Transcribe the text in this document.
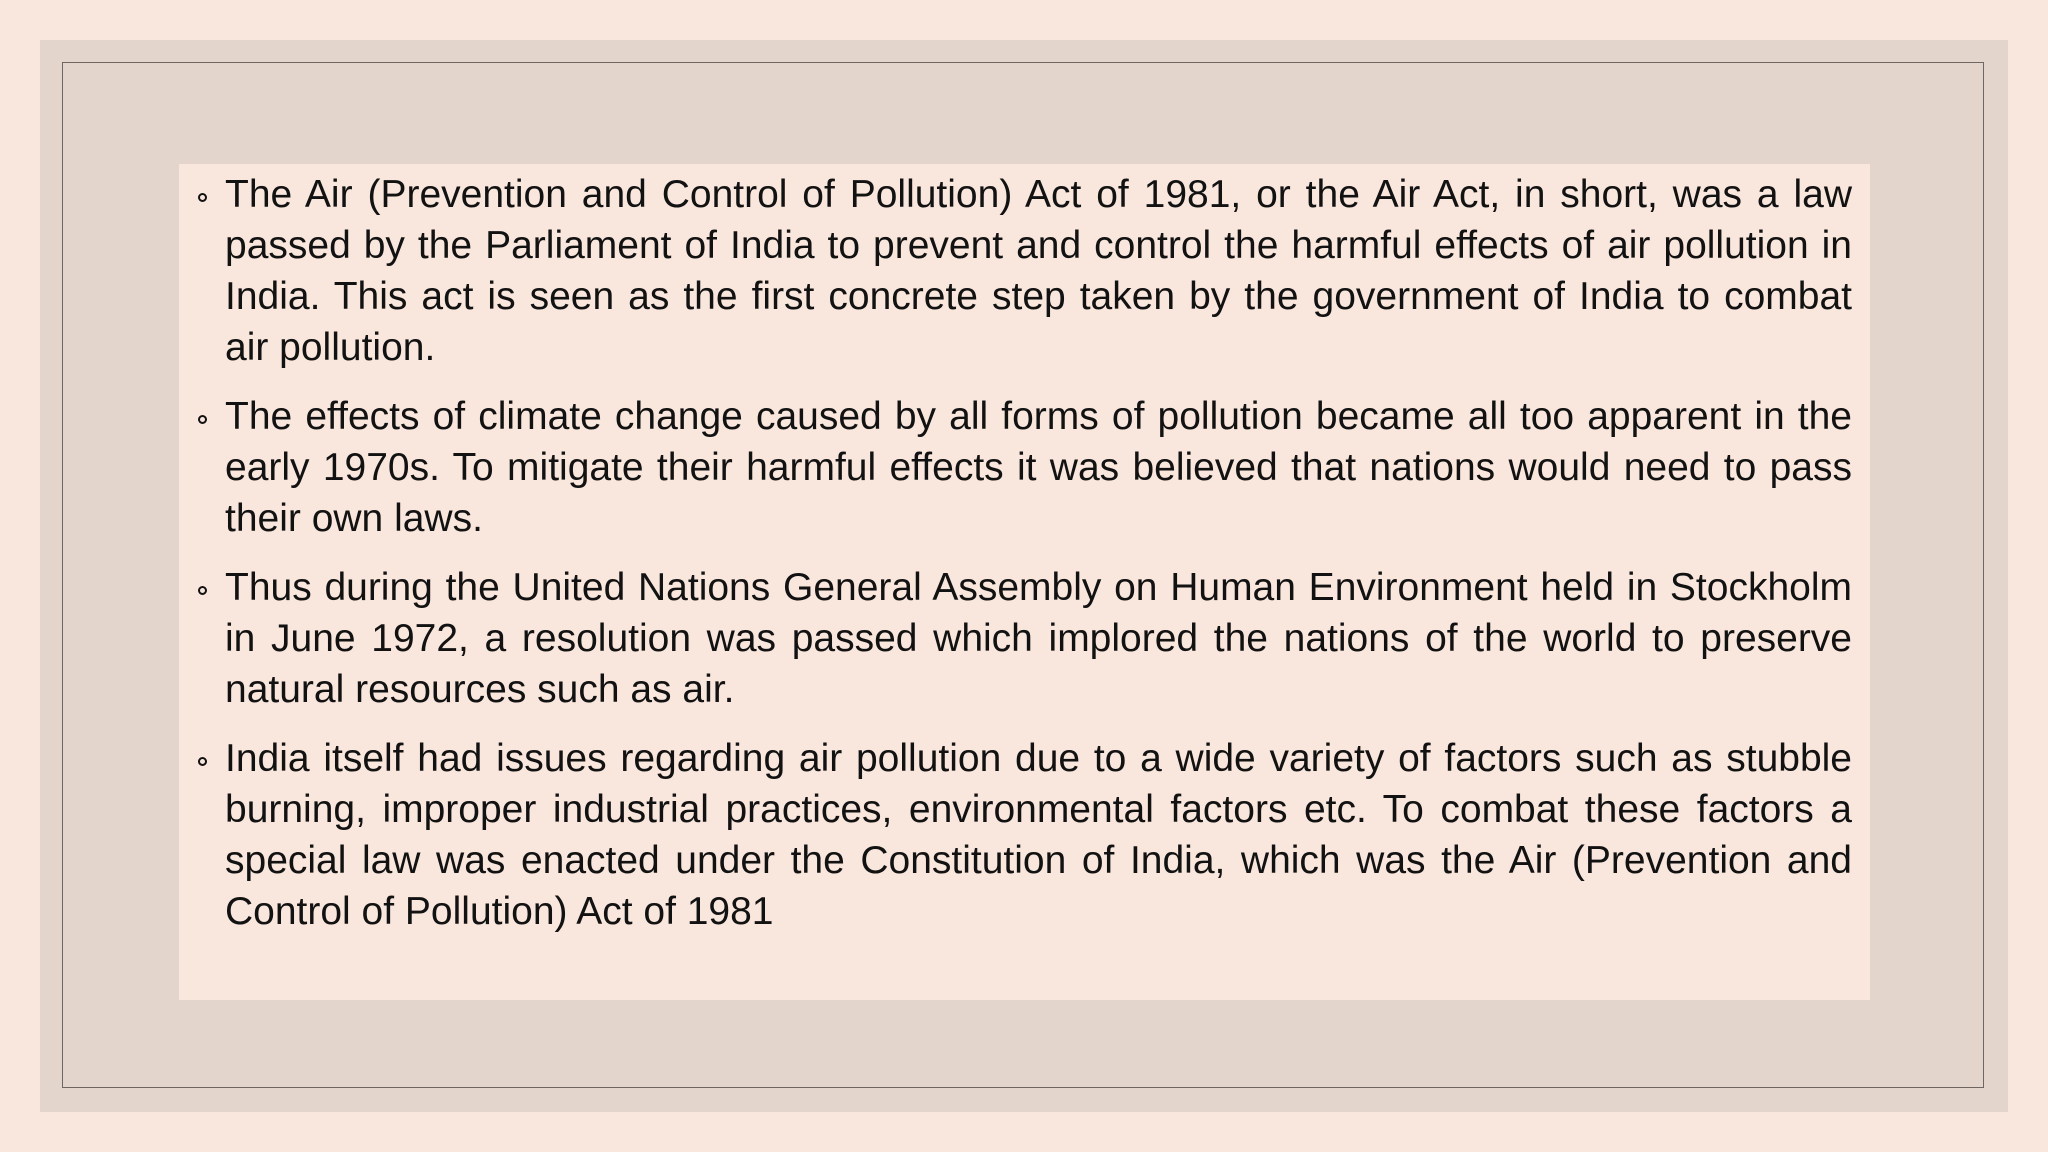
The Air (Prevention and Control of Pollution) Act of 1981, or the Air Act, in short, was a law passed by the Parliament of India to prevent and control the harmful effects of air pollution in India. This act is seen as the first concrete step taken by the government of India to combat air pollution.
The effects of climate change caused by all forms of pollution became all too apparent in the early 1970s. To mitigate their harmful effects it was believed that nations would need to pass their own laws.
Thus during the United Nations General Assembly on Human Environment held in Stockholm in June 1972, a resolution was passed which implored the nations of the world to preserve natural resources such as air.
India itself had issues regarding air pollution due to a wide variety of factors such as stubble burning, improper industrial practices, environmental factors etc. To combat these factors a special law was enacted under the Constitution of India, which was the Air (Prevention and Control of Pollution) Act of 1981
